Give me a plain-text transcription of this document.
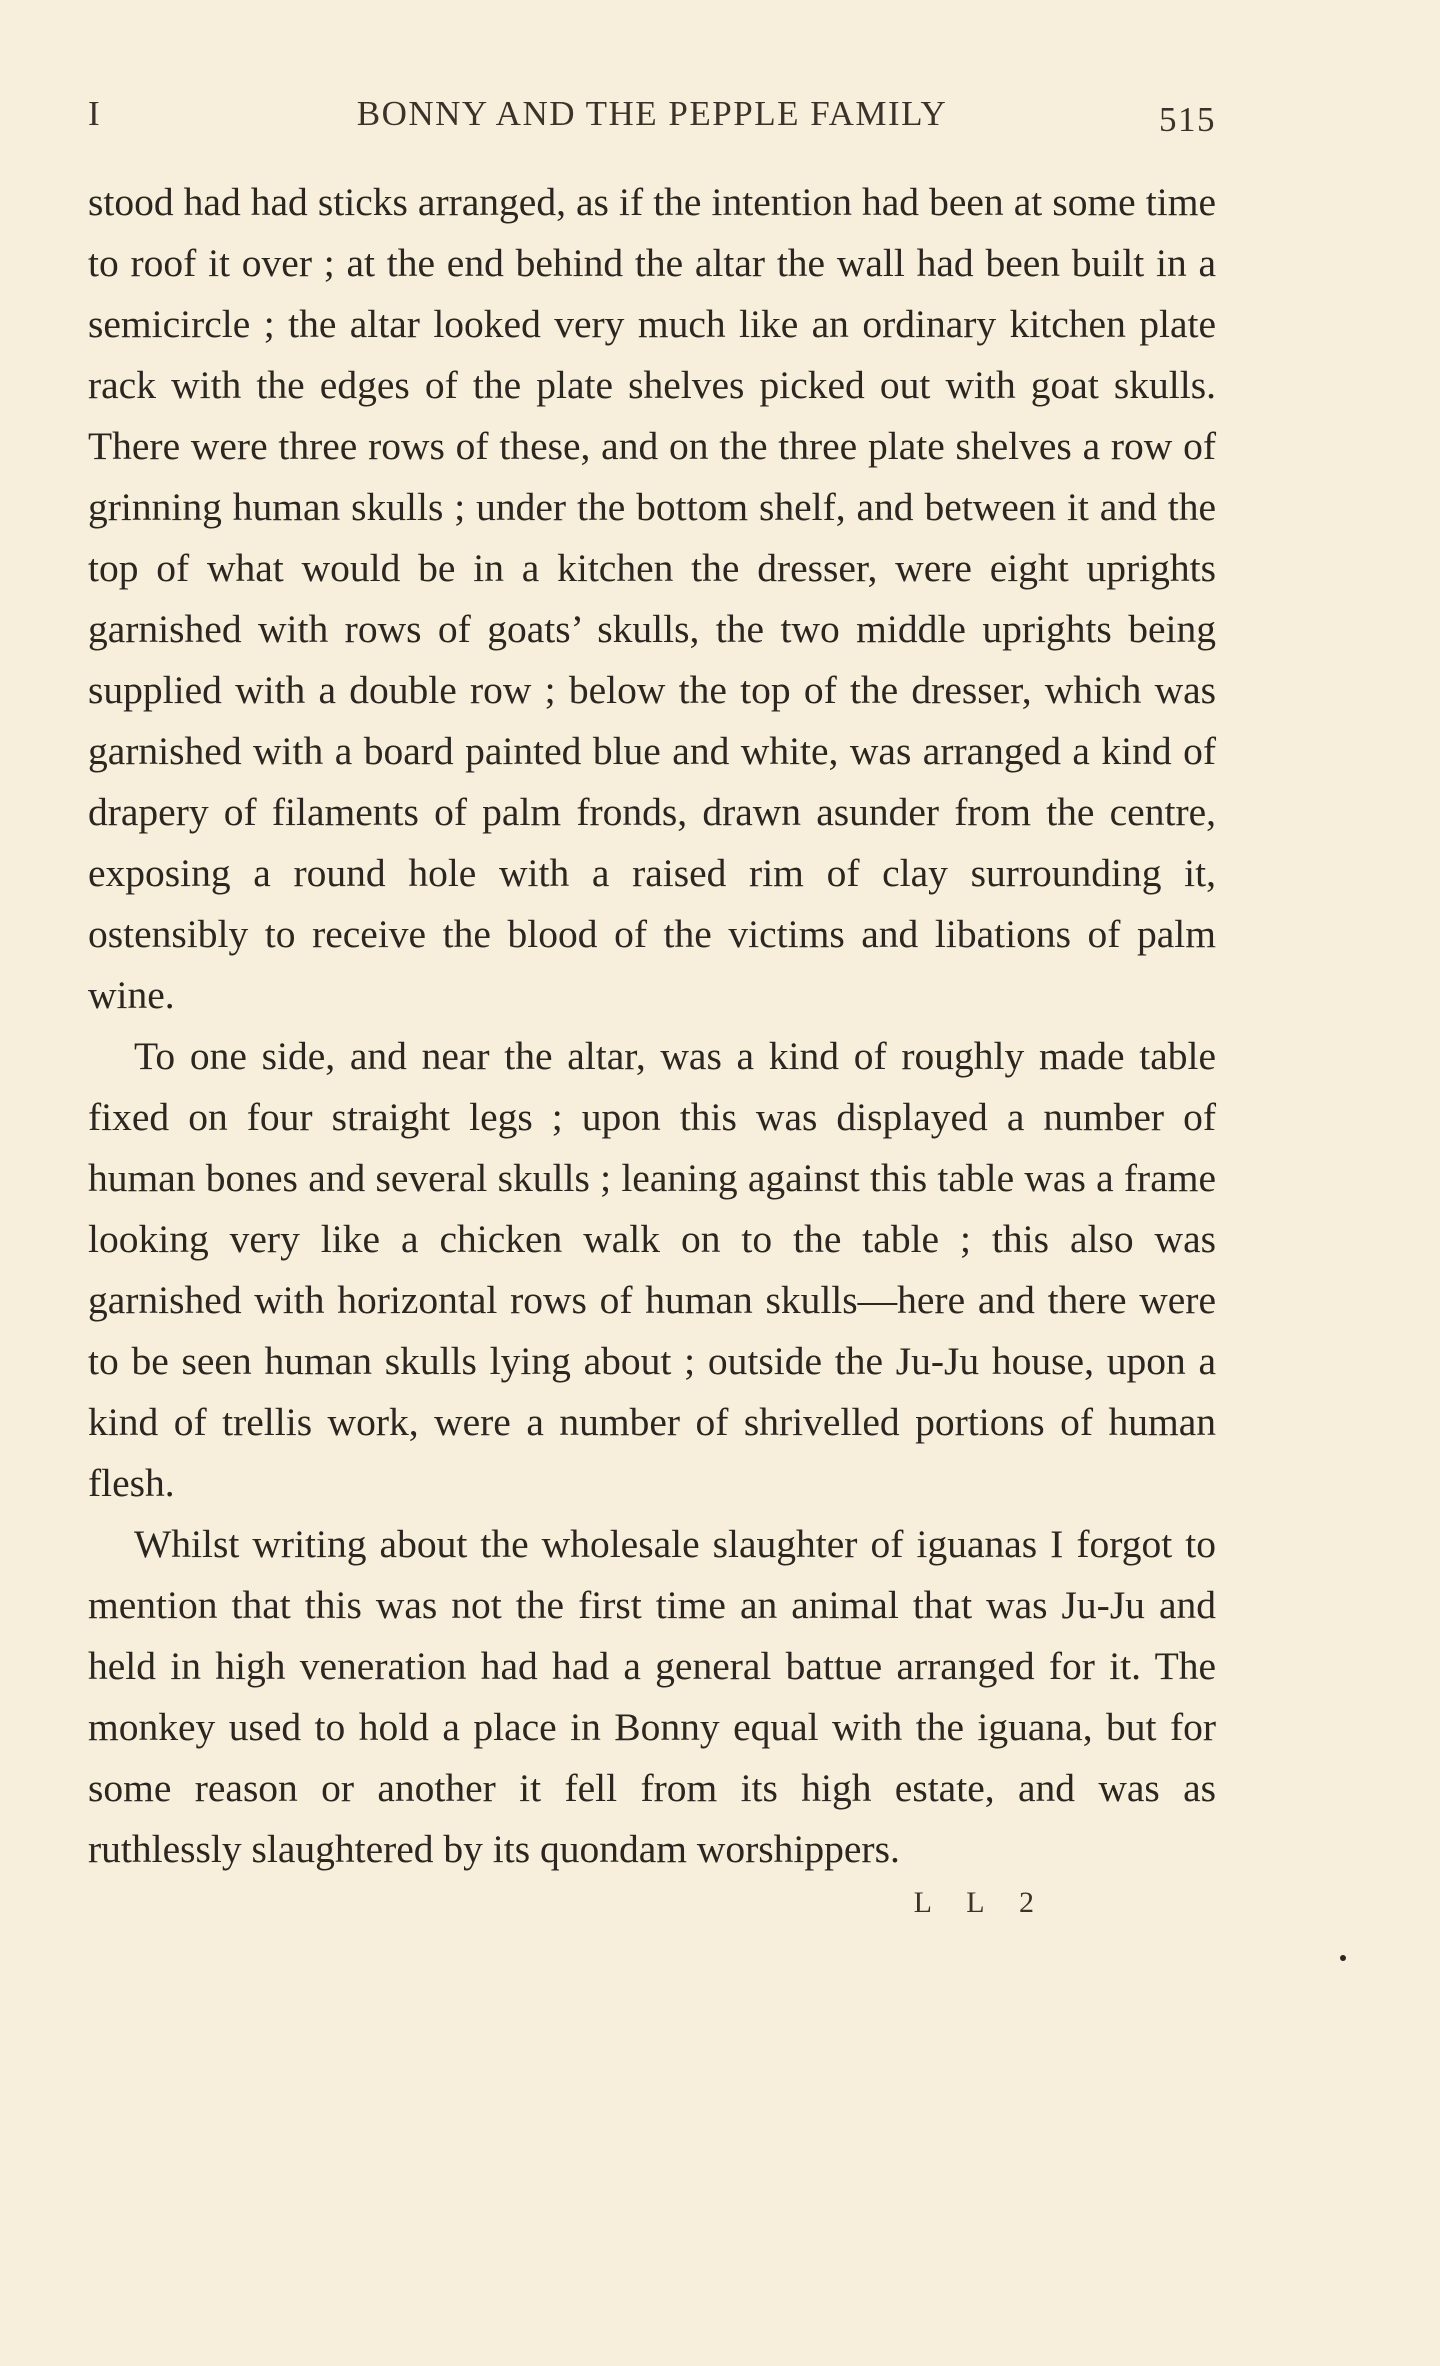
I	BONNY AND THE PEPPLE FAMILY	515

stood had had sticks arranged, as if the intention had been at some time to roof it over ; at the end behind the altar the wall had been built in a semicircle ; the altar looked very much like an ordinary kitchen plate rack with the edges of the plate shelves picked out with goat skulls. There were three rows of these, and on the three plate shelves a row of grinning human skulls ; under the bottom shelf, and between it and the top of what would be in a kitchen the dresser, were eight uprights garnished with rows of goats’ skulls, the two middle uprights being supplied with a double row ; below the top of the dresser, which was garnished with a board painted blue and white, was arranged a kind of drapery of filaments of palm fronds, drawn asunder from the centre, exposing a round hole with a raised rim of clay surrounding it, ostensibly to receive the blood of the victims and libations of palm wine.

To one side, and near the altar, was a kind of roughly made table fixed on four straight legs ; upon this was displayed a number of human bones and several skulls ; leaning against this table was a frame looking very like a chicken walk on to the table ; this also was garnished with horizontal rows of human skulls—here and there were to be seen human skulls lying about ; outside the Ju-Ju house, upon a kind of trellis work, were a number of shrivelled portions of human flesh.

Whilst writing about the wholesale slaughter of iguanas I forgot to mention that this was not the first time an animal that was Ju-Ju and held in high veneration had had a general battue arranged for it. The monkey used to hold a place in Bonny equal with the iguana, but for some reason or another it fell from its high estate, and was as ruthlessly slaughtered by its quondam worshippers.

L L 2
